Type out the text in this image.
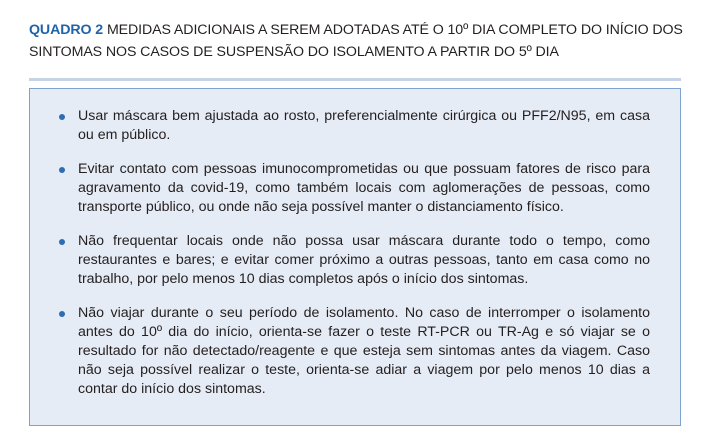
QUADRO 2 MEDIDAS ADICIONAIS A SEREM ADOTADAS ATÉ O 10º DIA COMPLETO DO INÍCIO DOS SINTOMAS NOS CASOS DE SUSPENSÃO DO ISOLAMENTO A PARTIR DO 5º DIA
Usar máscara bem ajustada ao rosto, preferencialmente cirúrgica ou PFF2/N95, em casa ou em público.
Evitar contato com pessoas imunocomprometidas ou que possuam fatores de risco para agravamento da covid-19, como também locais com aglomerações de pessoas, como transporte público, ou onde não seja possível manter o distanciamento físico.
Não frequentar locais onde não possa usar máscara durante todo o tempo, como restaurantes e bares; e evitar comer próximo a outras pessoas, tanto em casa como no trabalho, por pelo menos 10 dias completos após o início dos sintomas.
Não viajar durante o seu período de isolamento. No caso de interromper o isolamento antes do 10º dia do início, orienta-se fazer o teste RT-PCR ou TR-Ag e só viajar se o resultado for não detectado/reagente e que esteja sem sintomas antes da viagem. Caso não seja possível realizar o teste, orienta-se adiar a viagem por pelo menos 10 dias a contar do início dos sintomas.
